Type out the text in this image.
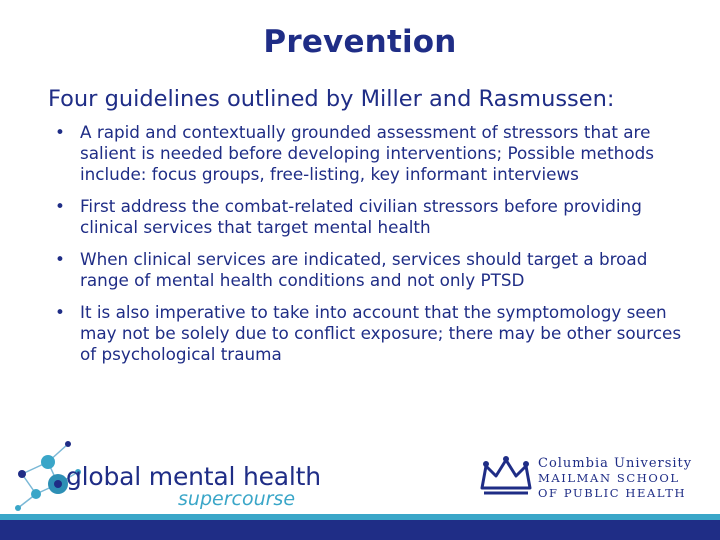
Prevention
Four guidelines outlined by Miller and Rasmussen:
• A rapid and contextually grounded assessment of stressors that are salient is needed before developing interventions; Possible methods include: focus groups, free-listing, key informant interviews
• First address the combat-related civilian stressors before providing clinical services that target mental health
• When clinical services are indicated, services should target a broad range of mental health conditions and not only PTSD
• It is also imperative to take into account that the symptomology seen may not be solely due to conflict exposure; there may be other sources of psychological trauma
global mental health
supercourse
Columbia University
MAILMAN SCHOOL
OF PUBLIC HEALTH
